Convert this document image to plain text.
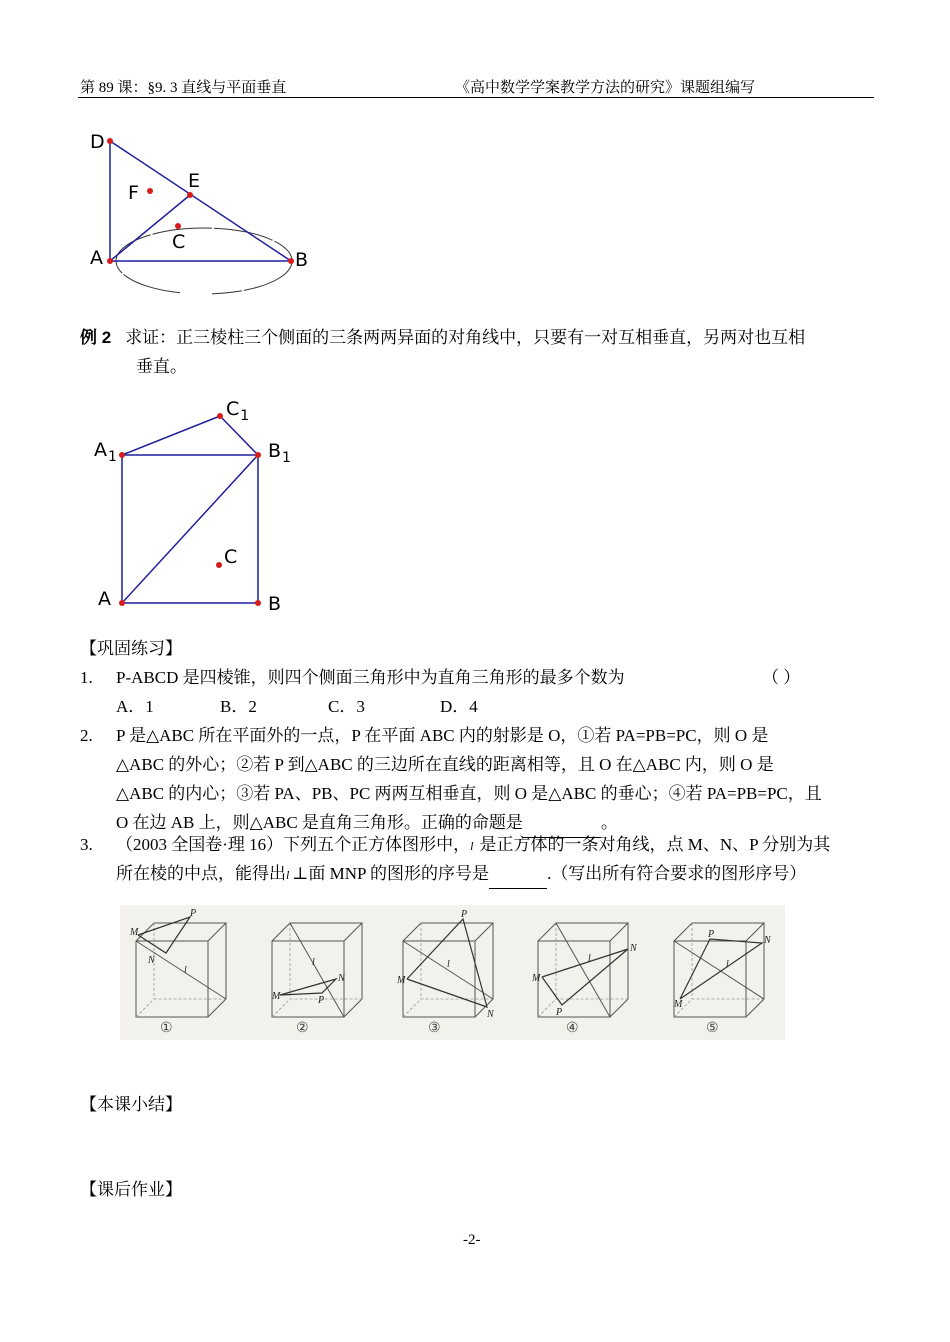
第 89 课：§9. 3 直线与平面垂直	《高中数学学案教学方法的研究》课题组编写
D
E
F
C
A	B
例 2 求证：正三棱柱三个侧面的三条两两异面的对角线中，只要有一对互相垂直，另两对也互相
垂直。
$C_1$
$A_1$	$B_1$
C
A	B
【巩固练习】
1. P-ABCD 是四棱锥，则四个侧面三角形中为直角三角形的最多个数为	（ ）
A．1	B．2	C．3	D．4
2. P 是△ABC 所在平面外的一点，P 在平面 ABC 内的射影是 O，①若 PA=PB=PC，则 O 是
△ABC 的外心；②若 P 到△ABC 的三边所在直线的距离相等，且 O 在△ABC 内，则 O 是
△ABC 的内心；③若 PA、PB、PC 两两互相垂直，则 O 是△ABC 的垂心；④若 PA=PB=PC，且
O 在边 AB 上，则△ABC 是直角三角形。正确的命题是	。
3. （2003 全国卷·理 16）下列五个正方体图形中，l 是正方体的一条对角线，点 M、N、P 分别为其
所在棱的中点，能得出l ⊥面 MNP 的图形的序号是	.（写出所有符合要求的图形序号）
M
P
N
l
M
N
P
l
M
P
N
l
M
N
P
l
M
P
N
l
①	②	③	④	⑤
【本课小结】
【课后作业】
-2-
